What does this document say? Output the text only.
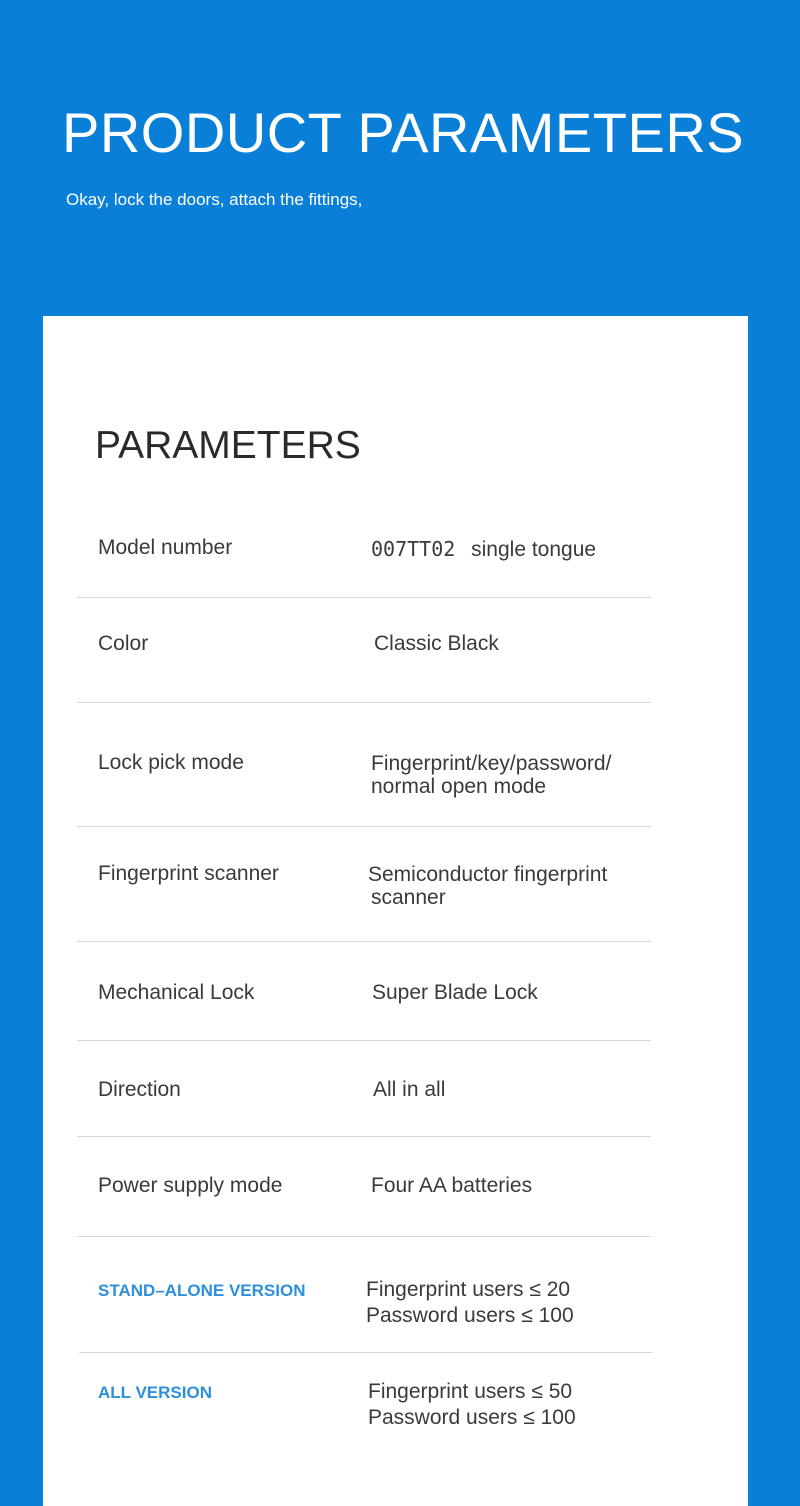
PRODUCT PARAMETERS
Okay, lock the doors, attach the fittings,
PARAMETERS
Model number	007TT02 single tongue
Color	Classic Black
Lock pick mode	Fingerprint/key/password/
normal open mode
Fingerprint scanner	Semiconductor fingerprint
scanner
Mechanical Lock	Super Blade Lock
Direction	All in all
Power supply mode	Four AA batteries
STAND–ALONE VERSION	Fingerprint users ≤ 20
Password users ≤ 100
ALL VERSION	Fingerprint users ≤ 50
Password users ≤ 100
